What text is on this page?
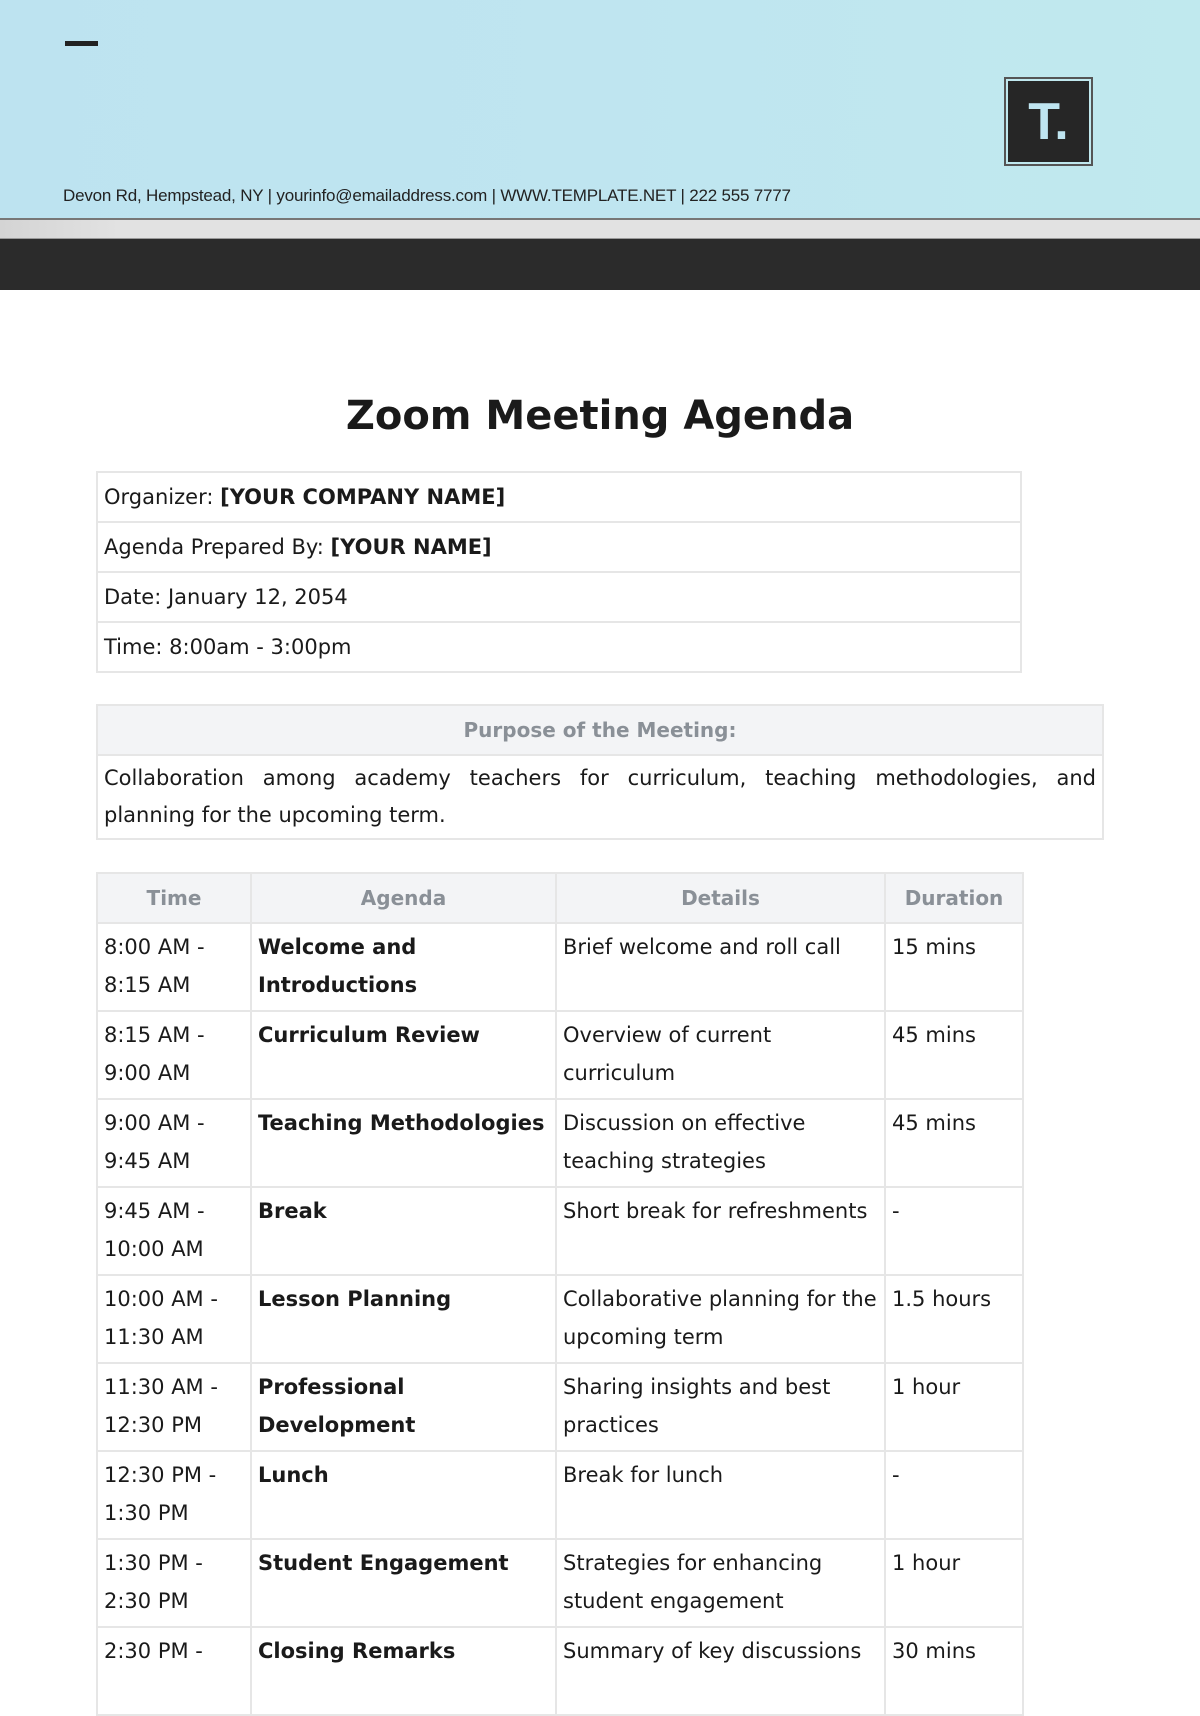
T.
Devon Rd, Hempstead, NY | yourinfo@emailaddress.com | WWW.TEMPLATE.NET | 222 555 7777
Zoom Meeting Agenda
Organizer: [YOUR COMPANY NAME]
Agenda Prepared By: [YOUR NAME]
Date: January 12, 2054
Time: 8:00am - 3:00pm
Purpose of the Meeting:
Collaboration among academy teachers for curriculum, teaching methodologies, and planning for the upcoming term.
Time	Agenda	Details	Duration
8:00 AM - 8:15 AM	Welcome and Introductions	Brief welcome and roll call	15 mins
8:15 AM - 9:00 AM	Curriculum Review	Overview of current curriculum	45 mins
9:00 AM - 9:45 AM	Teaching Methodologies	Discussion on effective teaching strategies	45 mins
9:45 AM - 10:00 AM	Break	Short break for refreshments	-
10:00 AM - 11:30 AM	Lesson Planning	Collaborative planning for the upcoming term	1.5 hours
11:30 AM - 12:30 PM	Professional Development	Sharing insights and best practices	1 hour
12:30 PM - 1:30 PM	Lunch	Break for lunch	-
1:30 PM - 2:30 PM	Student Engagement	Strategies for enhancing student engagement	1 hour
2:30 PM -	Closing Remarks	Summary of key discussions	30 mins
